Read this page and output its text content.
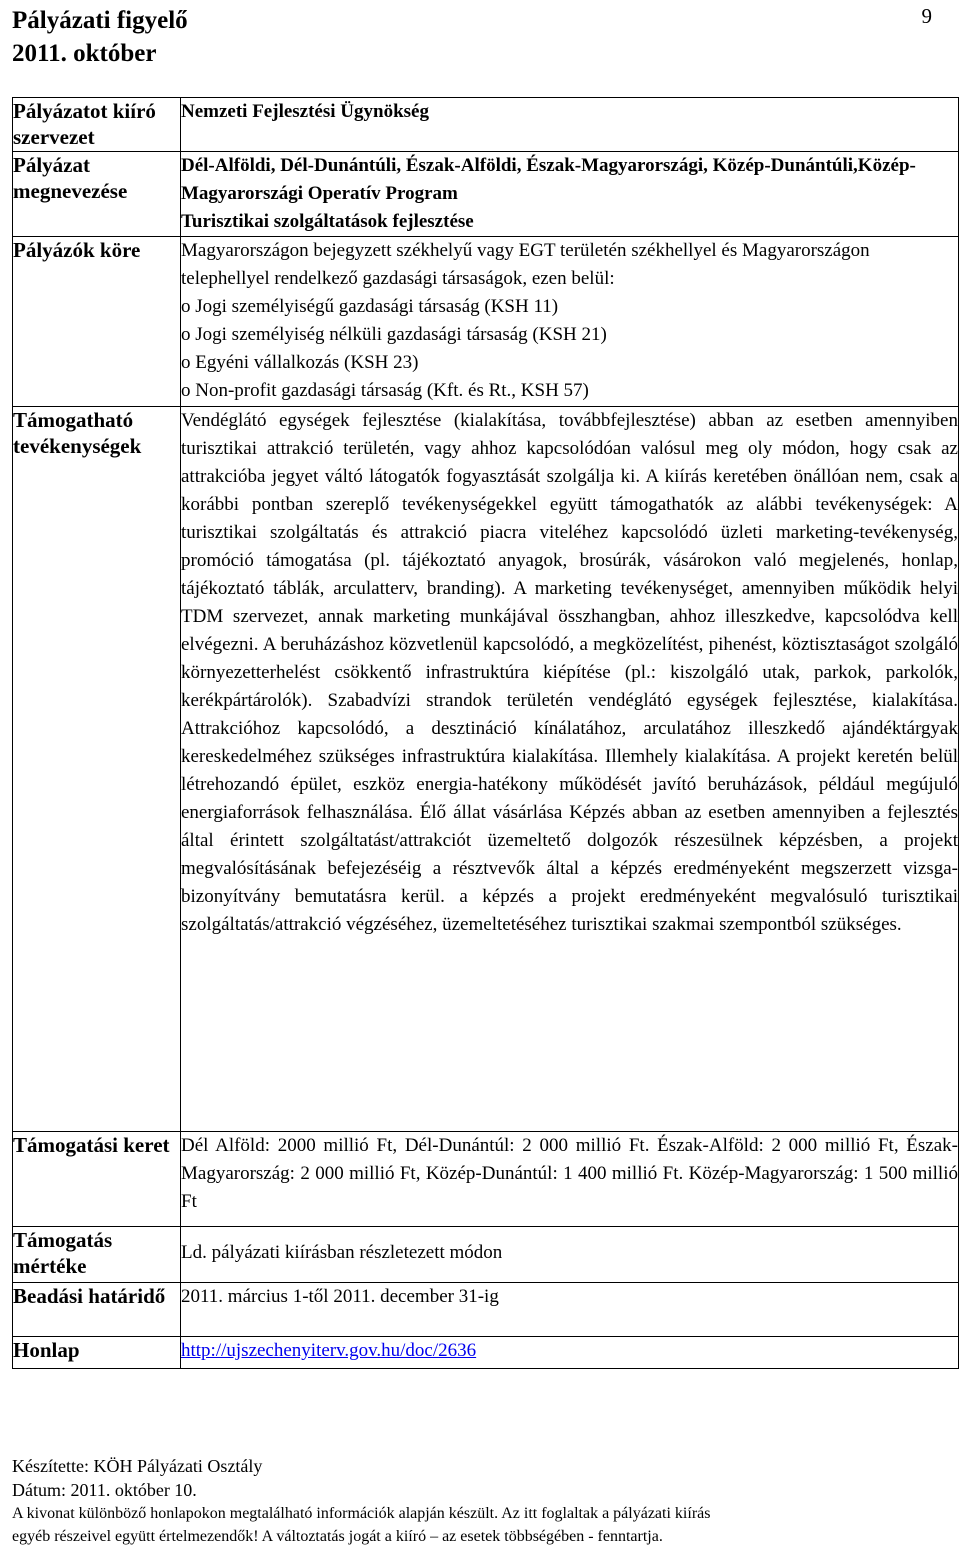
Pályázati figyelő
2011. október
9
Pályázatot kiíró szervezet	Nemzeti Fejlesztési Ügynökség
Pályázat megnevezése	Dél-Alföldi, Dél-Dunántúli, Észak-Alföldi, Észak-Magyarországi, Közép-Dunántúli,Közép-Magyarországi Operatív Program

Turisztikai szolgáltatások fejlesztése

Pályázók köre	Magyarországon bejegyzett székhelyű vagy EGT területén székhellyel és Magyarországon telephellyel rendelkező gazdasági társaságok, ezen belül:

o Jogi személyiségű gazdasági társaság (KSH 11)

o Jogi személyiség nélküli gazdasági társaság (KSH 21)

o Egyéni vállalkozás (KSH 23)

o Non-profit gazdasági társaság (Kft. és Rt., KSH 57)

Támogatható tevékenységek	Vendéglátó egységek fejlesztése (kialakítása, továbbfejlesztése) abban az esetben amennyiben turisztikai attrakció területén, vagy ahhoz kapcsolódóan valósul meg oly módon, hogy csak az attrakcióba jegyet váltó látogatók fogyasztását szolgálja ki. A kiírás keretében önállóan nem, csak a korábbi pontban szereplő tevékenységekkel együtt támogathatók az alábbi tevékenységek: A turisztikai szolgáltatás és attrakció piacra viteléhez kapcsolódó üzleti marketing-tevékenység, promóció támogatása (pl. tájékoztató anyagok, brosúrák, vásárokon való megjelenés, honlap, tájékoztató táblák, arculatterv, branding). A marketing tevékenységet, amennyiben működik helyi TDM szervezet, annak marketing munkájával összhangban, ahhoz illeszkedve, kapcsolódva kell elvégezni. A beruházáshoz közvetlenül kapcsolódó, a megközelítést, pihenést, köztisztaságot szolgáló környezetterhelést csökkentő infrastruktúra kiépítése (pl.: kiszolgáló utak, parkok, parkolók, kerékpártárolók). Szabadvízi strandok területén vendéglátó egységek fejlesztése, kialakítása. Attrakcióhoz kapcsolódó, a desztináció kínálatához, arculatához illeszkedő ajándéktárgyak kereskedelméhez szükséges infrastruktúra kialakítása. Illemhely kialakítása. A projekt keretén belül létrehozandó épület, eszköz energia-hatékony működését javító beruházások, például megújuló energiaforrások felhasználása. Élő állat vásárlása Képzés abban az esetben amennyiben a fejlesztés által érintett szolgáltatást/attrakciót üzemeltető dolgozók részesülnek képzésben, a projekt megvalósításának befejezéséig a résztvevők által a képzés eredményeként megszerzett vizsga-bizonyítvány bemutatásra kerül. a képzés a projekt eredményeként megvalósuló turisztikai szolgáltatás/attrakció végzéséhez, üzemeltetéséhez turisztikai szakmai szempontból szükséges.
Támogatási keret	Dél Alföld: 2000 millió Ft, Dél-Dunántúl: 2 000 millió Ft. Észak-Alföld: 2 000 millió Ft, Észak-Magyarország: 2 000 millió Ft, Közép-Dunántúl: 1 400 millió Ft. Közép-Magyarország: 1 500 millió Ft
Támogatás mértéke	Ld. pályázati kiírásban részletezett módon
Beadási határidő	2011. március 1-től 2011. december 31-ig
Honlap	http://ujszechenyiterv.gov.hu/doc/2636
Készítette: KÖH Pályázati Osztály
Dátum: 2011. október 10.
A kivonat különböző honlapokon megtalálható információk alapján készült. Az itt foglaltak a pályázati kiírás
egyéb részeivel együtt értelmezendők! A változtatás jogát a kiíró – az esetek többségében - fenntartja.
